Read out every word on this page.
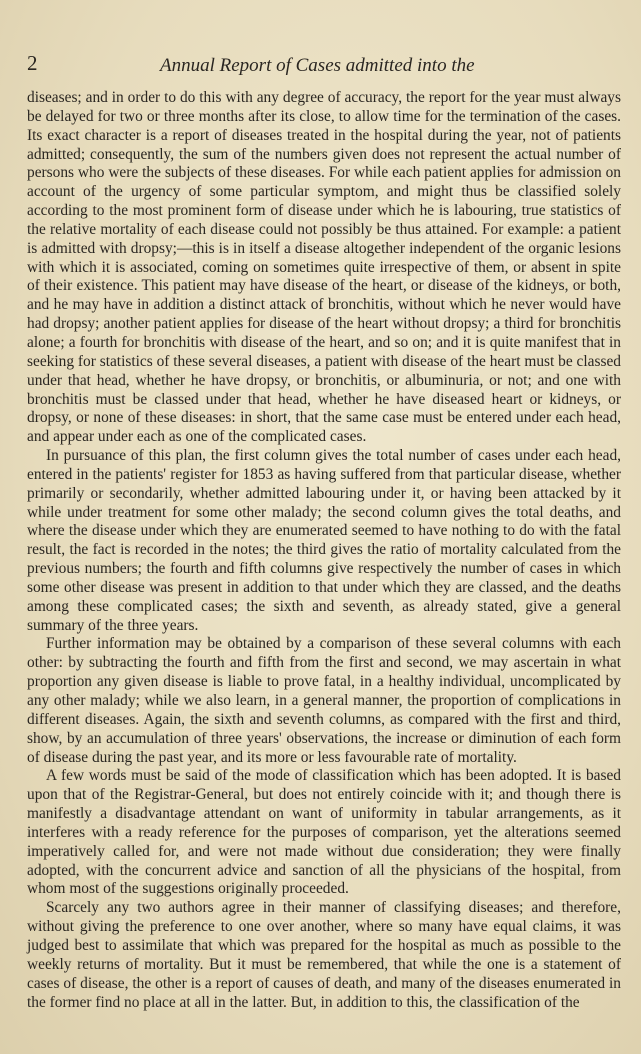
2	Annual Report of Cases admitted into the

diseases; and in order to do this with any degree of accuracy, the report for the year must always be delayed for two or three months after its close, to allow time for the termination of the cases. Its exact character is a report of diseases treated in the hospital during the year, not of patients admitted; consequently, the sum of the numbers given does not represent the actual number of persons who were the subjects of these diseases. For while each patient applies for admission on account of the urgency of some particular symptom, and might thus be classified solely according to the most prominent form of disease under which he is labouring, true statistics of the relative mortality of each disease could not possibly be thus attained. For example: a patient is admitted with dropsy;—this is in itself a disease altogether independent of the organic lesions with which it is associated, coming on sometimes quite irrespective of them, or absent in spite of their existence. This patient may have disease of the heart, or disease of the kidneys, or both, and he may have in addition a distinct attack of bronchitis, without which he never would have had dropsy; another patient applies for disease of the heart without dropsy; a third for bronchitis alone; a fourth for bronchitis with disease of the heart, and so on; and it is quite manifest that in seeking for statistics of these several diseases, a patient with disease of the heart must be classed under that head, whether he have dropsy, or bronchitis, or albuminuria, or not; and one with bronchitis must be classed under that head, whether he have diseased heart or kidneys, or dropsy, or none of these diseases: in short, that the same case must be entered under each head, and appear under each as one of the complicated cases.

In pursuance of this plan, the first column gives the total number of cases under each head, entered in the patients' register for 1853 as having suffered from that particular disease, whether primarily or secondarily, whether admitted labouring under it, or having been attacked by it while under treatment for some other malady; the second column gives the total deaths, and where the disease under which they are enumerated seemed to have nothing to do with the fatal result, the fact is recorded in the notes; the third gives the ratio of mortality calculated from the previous numbers; the fourth and fifth columns give respectively the number of cases in which some other disease was present in addition to that under which they are classed, and the deaths among these complicated cases; the sixth and seventh, as already stated, give a general summary of the three years.

Further information may be obtained by a comparison of these several columns with each other: by subtracting the fourth and fifth from the first and second, we may ascertain in what proportion any given disease is liable to prove fatal, in a healthy individual, uncomplicated by any other malady; while we also learn, in a general manner, the proportion of complications in different diseases. Again, the sixth and seventh columns, as compared with the first and third, show, by an accumulation of three years' observations, the increase or diminution of each form of disease during the past year, and its more or less favourable rate of mortality.

A few words must be said of the mode of classification which has been adopted. It is based upon that of the Registrar-General, but does not entirely coincide with it; and though there is manifestly a disadvantage attendant on want of uniformity in tabular arrangements, as it interferes with a ready reference for the purposes of comparison, yet the alterations seemed imperatively called for, and were not made without due consideration; they were finally adopted, with the concurrent advice and sanction of all the physicians of the hospital, from whom most of the suggestions originally proceeded.

Scarcely any two authors agree in their manner of classifying diseases; and therefore, without giving the preference to one over another, where so many have equal claims, it was judged best to assimilate that which was prepared for the hospital as much as possible to the weekly returns of mortality. But it must be remembered, that while the one is a statement of cases of disease, the other is a report of causes of death, and many of the diseases enumerated in the former find no place at all in the latter. But, in addition to this, the classification of the
